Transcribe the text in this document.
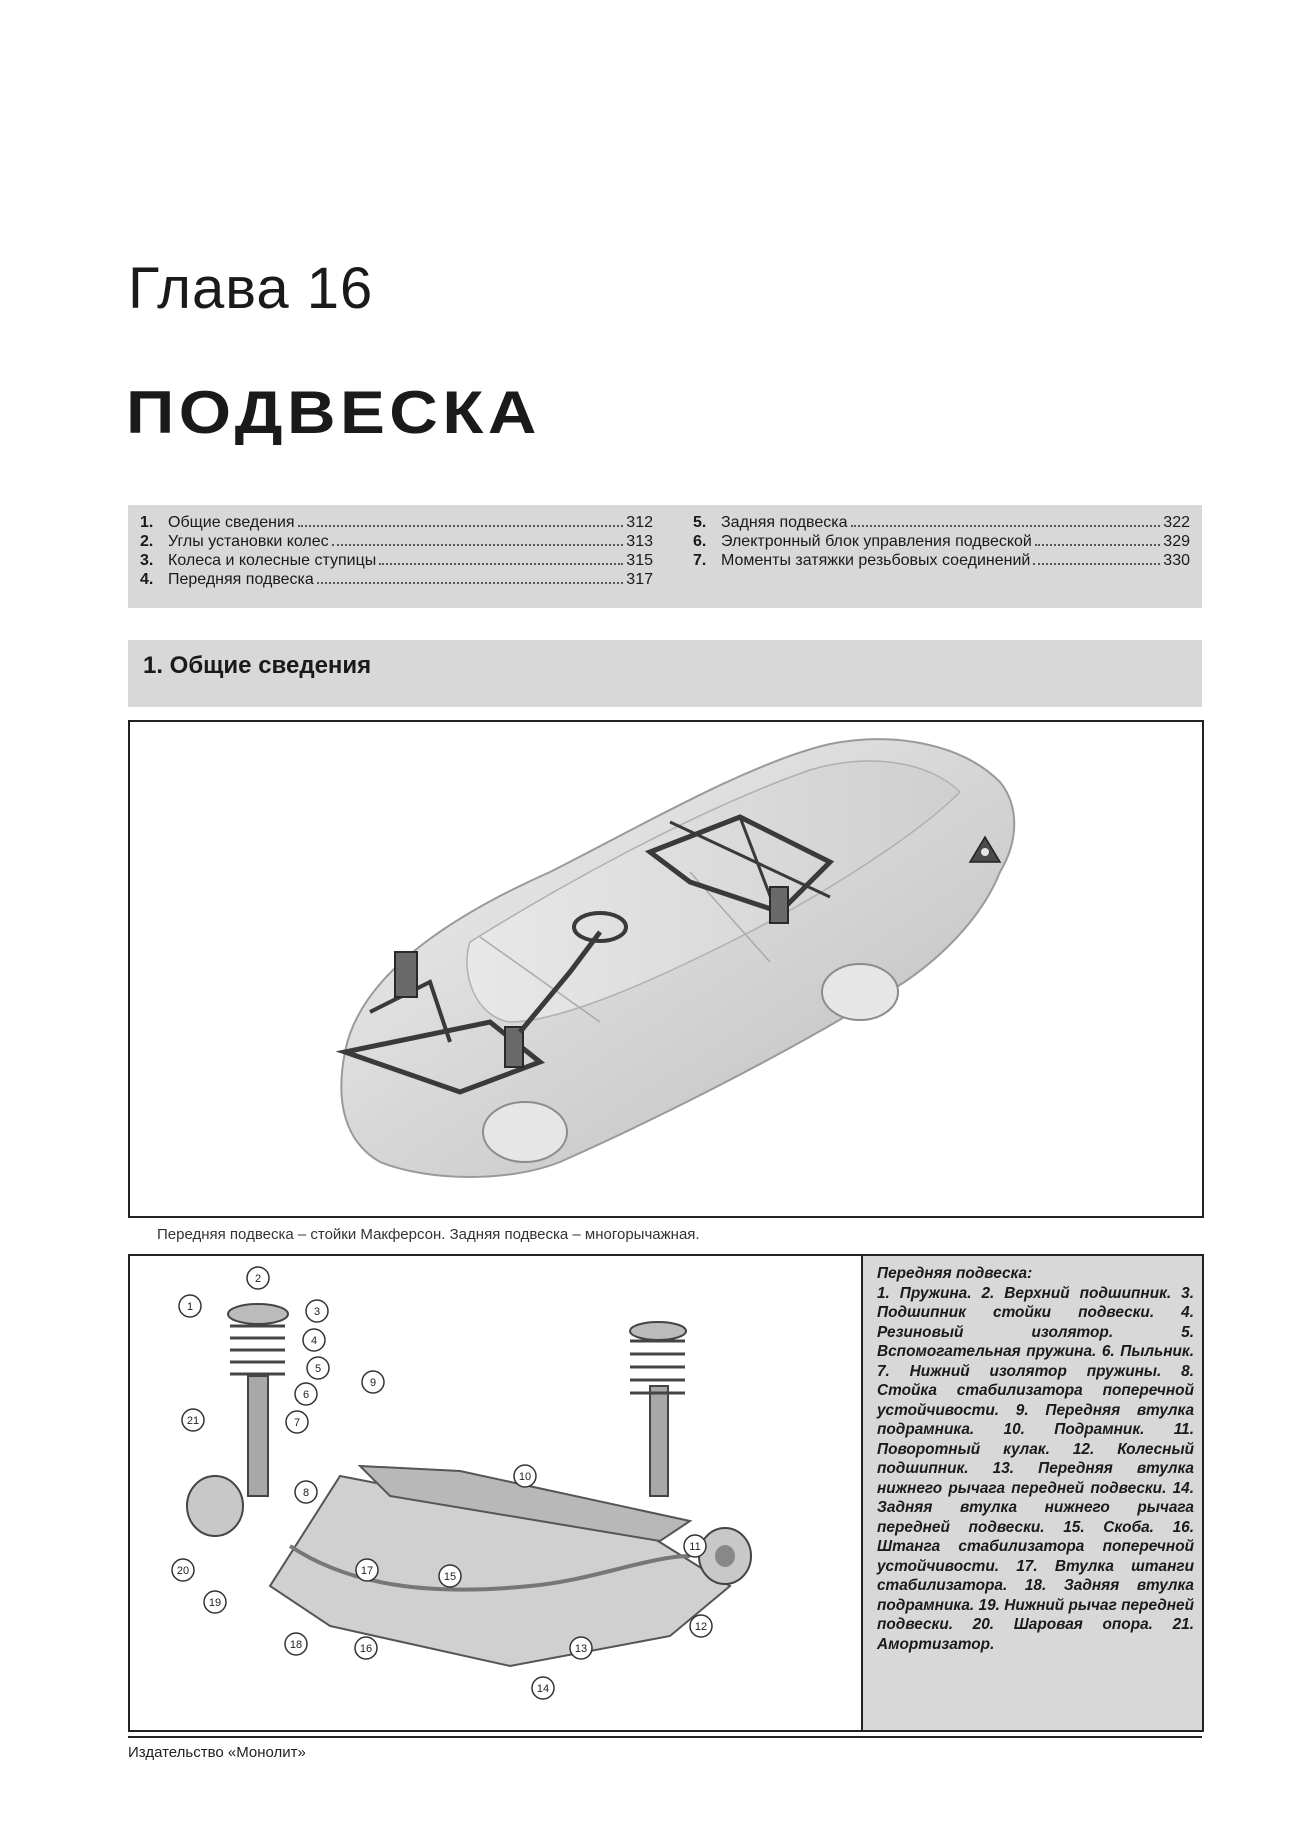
Глава 16
ПОДВЕСКА
1. Общие сведения	312
2. Углы установки колес	313
3. Колеса и колесные ступицы	315
4. Передняя подвеска	317
5. Задняя подвеска	322
6. Электронный блок управления подвеской	329
7. Моменты затяжки резьбовых соединений	330
1. Общие сведения
Передняя подвеска – стойки Макферсон. Задняя подвеска – многорычажная.
1
2
3
4
5
6
7
8
9
10
11
12
13
14
15
16
17
18
19
20
21
Передняя подвеска:
1. Пружина. 2. Верхний подшипник. 3. Подшипник стойки подвески. 4. Резиновый изолятор. 5. Вспомогательная пружина. 6. Пыльник. 7. Нижний изолятор пружины. 8. Стойка стабилизатора поперечной устойчивости. 9. Передняя втулка подрамника. 10. Подрамник. 11. Поворотный кулак. 12. Колесный подшипник. 13. Передняя втулка нижнего рычага передней подвески. 14. Задняя втулка нижнего рычага передней подвески. 15. Скоба. 16. Штанга стабилизатора поперечной устойчивости. 17. Втулка штанги стабилизатора. 18. Задняя втулка подрамника. 19. Нижний рычаг передней подвески. 20. Шаровая опора. 21. Амортизатор.
Издательство «Монолит»
